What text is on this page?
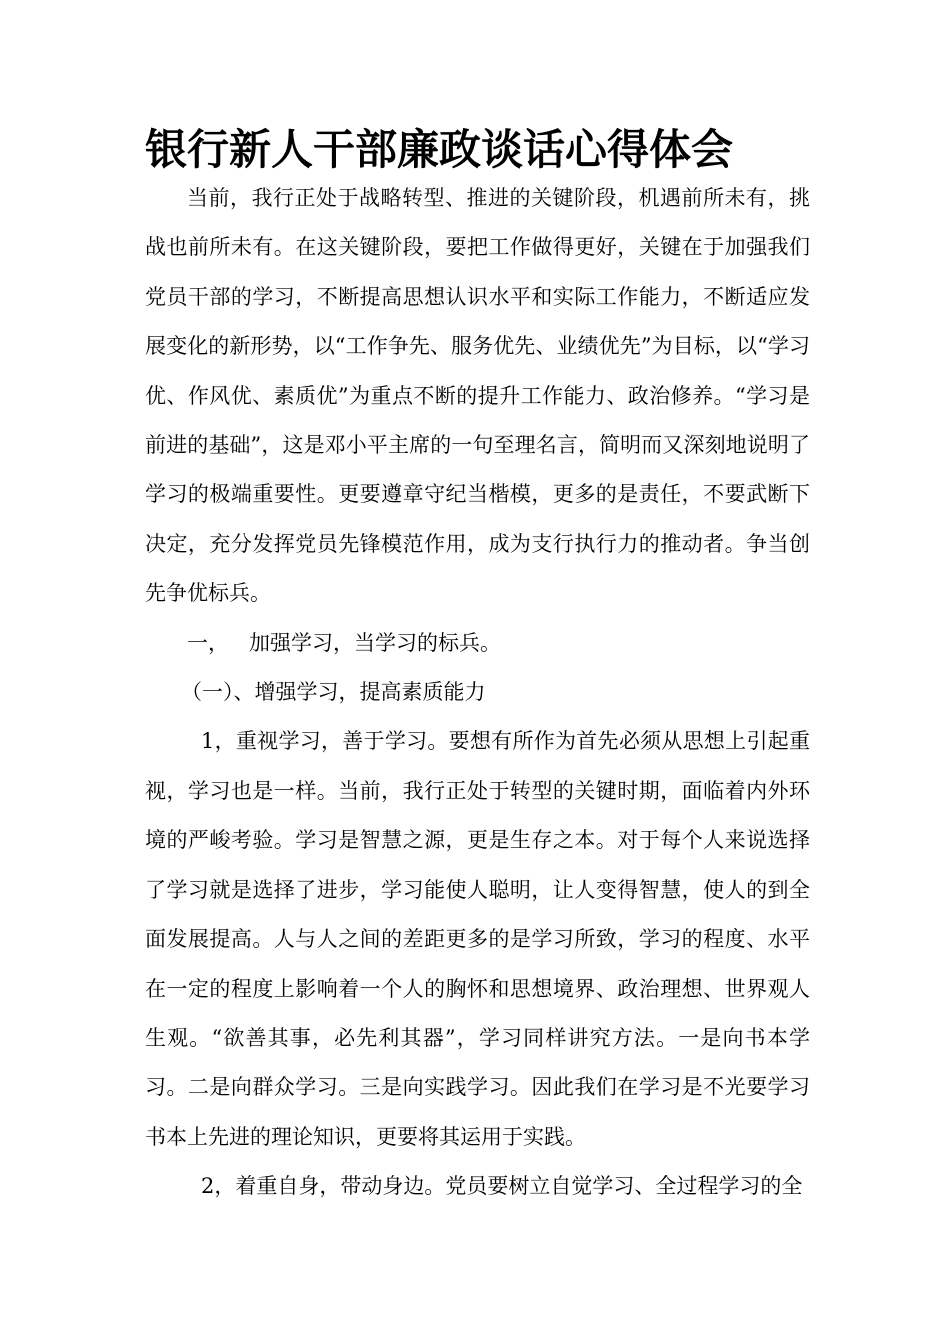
银行新人干部廉政谈话心得体会

当前，我行正处于战略转型、推进的关键阶段，机遇前所未有，挑战也前所未有。在这关键阶段，要把工作做得更好，关键在于加强我们党员干部的学习，不断提高思想认识水平和实际工作能力，不断适应发展变化的新形势，以“工作争先、服务优先、业绩优先”为目标，以“学习优、作风优、素质优”为重点不断的提升工作能力、政治修养。“学习是前进的基础”，这是邓小平主席的一句至理名言，简明而又深刻地说明了学习的极端重要性。更要遵章守纪当楷模，更多的是责任，不要武断下决定，充分发挥党员先锋模范作用，成为支行执行力的推动者。争当创先争优标兵。

一，   加强学习，当学习的标兵。

（一）、增强学习，提高素质能力

1，重视学习，善于学习。要想有所作为首先必须从思想上引起重视，学习也是一样。当前，我行正处于转型的关键时期，面临着内外环境的严峻考验。学习是智慧之源，更是生存之本。对于每个人来说选择了学习就是选择了进步，学习能使人聪明，让人变得智慧，使人的到全面发展提高。人与人之间的差距更多的是学习所致，学习的程度、水平在一定的程度上影响着一个人的胸怀和思想境界、政治理想、世界观人生观。“欲善其事，必先利其器”，学习同样讲究方法。一是向书本学习。二是向群众学习。三是向实践学习。因此我们在学习是不光要学习书本上先进的理论知识，更要将其运用于实践。

2，着重自身，带动身边。党员要树立自觉学习、全过程学习的全
